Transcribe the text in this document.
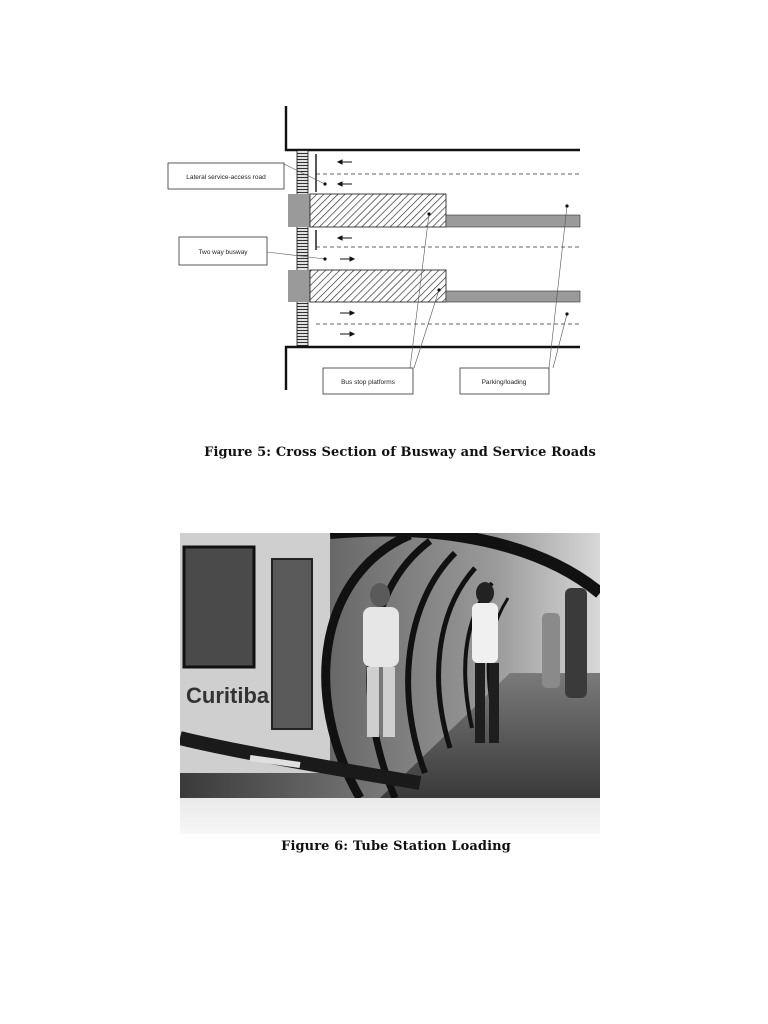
Lateral service-access road
Two way busway
Bus stop platforms	Parking/loading
Figure 5: Cross Section of Busway and Service Roads
Curitiba
Figure 6: Tube Station Loading
